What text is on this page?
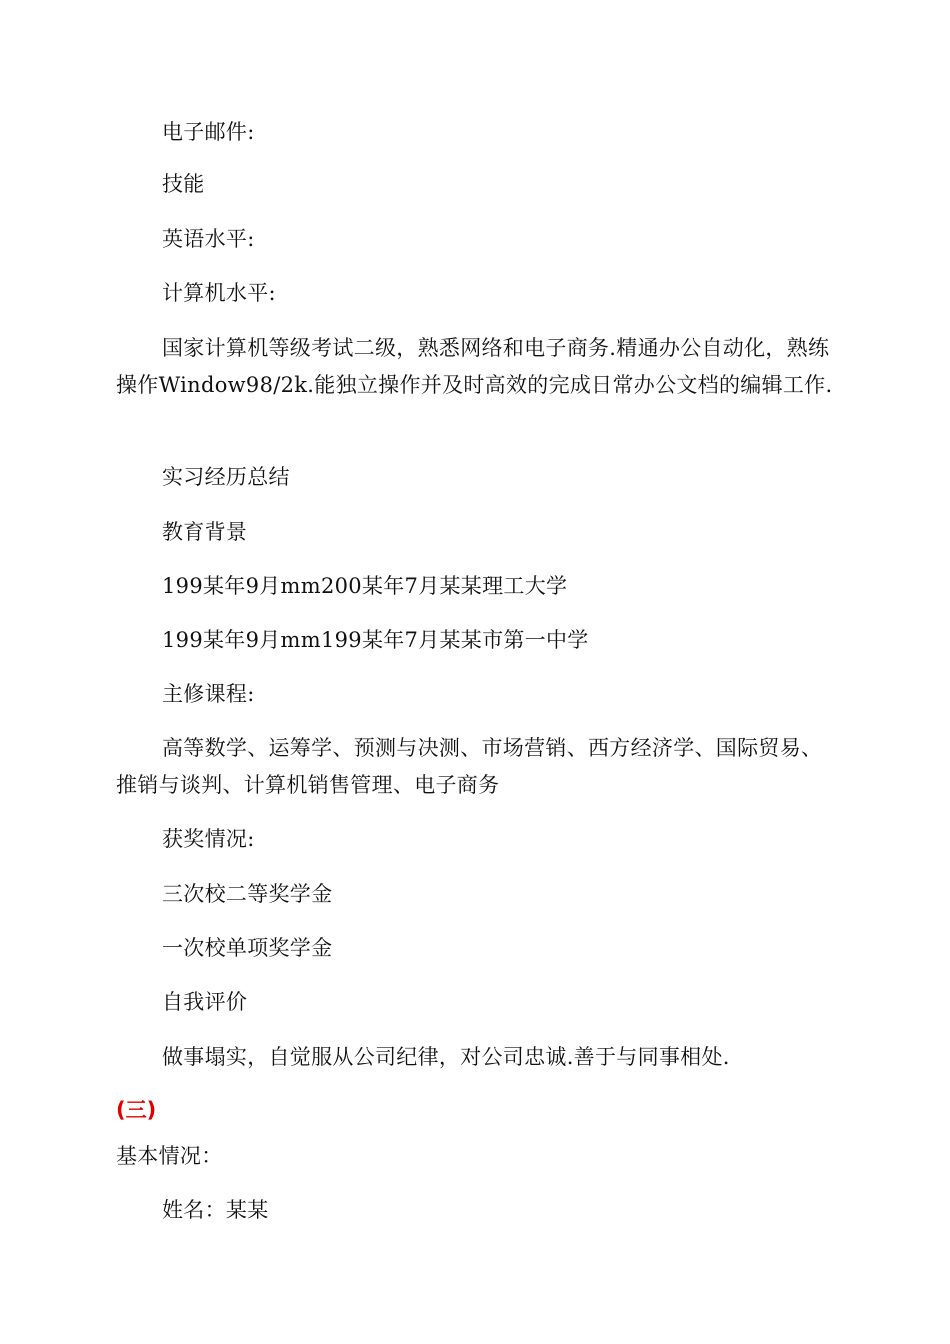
电子邮件:

技能

英语水平:

计算机水平:

国家计算机等级考试二级，熟悉网络和电子商务.精通办公自动化，熟练操作Window98/2k.能独立操作并及时高效的完成日常办公文档的编辑工作.

实习经历总结

教育背景

199某年9月mm200某年7月某某理工大学

199某年9月mm199某年7月某某市第一中学

主修课程:

高等数学、运筹学、预测与决测、市场营销、西方经济学、国际贸易、推销与谈判、计算机销售管理、电子商务

获奖情况:

三次校二等奖学金

一次校单项奖学金

自我评价

做事塌实，自觉服从公司纪律，对公司忠诚.善于与同事相处.

(三)

基本情况：

姓名：某某
